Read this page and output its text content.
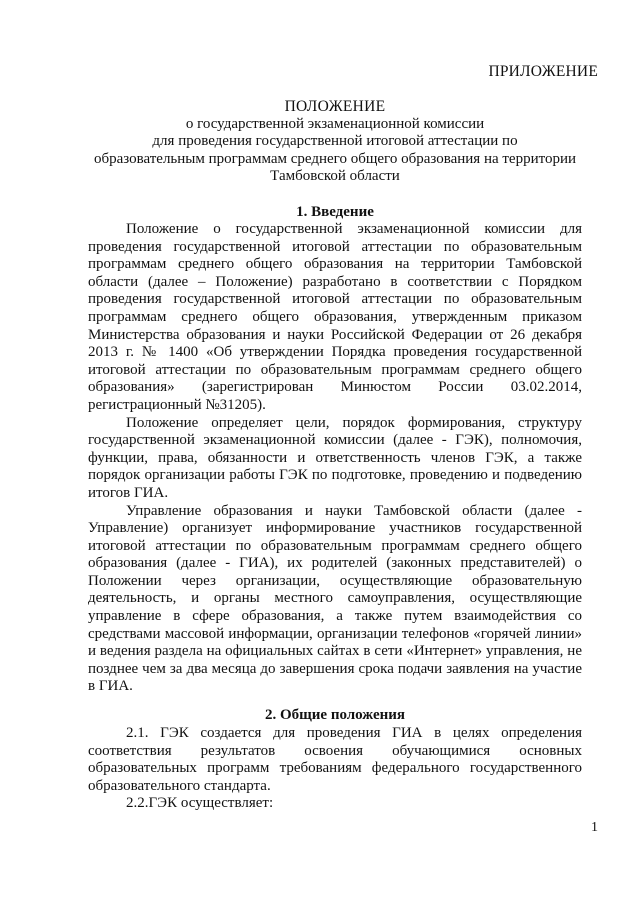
ПРИЛОЖЕНИЕ
ПОЛОЖЕНИЕ
о государственной экзаменационной комиссии
для проведения государственной итоговой аттестации по
образовательным программам среднего общего образования на территории
Тамбовской области
1. Введение

Положение о государственной экзаменационной комиссии для проведения государственной итоговой аттестации по образовательным программам среднего общего образования на территории Тамбовской области (далее – Положение) разработано в соответствии с Порядком проведения государственной итоговой аттестации по образовательным программам среднего общего образования, утвержденным приказом Министерства образования и науки Российской Федерации от 26 декабря 2013 г. № 1400 «Об утверждении Порядка проведения государственной итоговой аттестации по образовательным программам среднего общего образования» (зарегистрирован Минюстом России 03.02.2014, регистрационный №31205).

Положение определяет цели, порядок формирования, структуру государственной экзаменационной комиссии (далее - ГЭК), полномочия, функции, права, обязанности и ответственность членов ГЭК, а также порядок организации работы ГЭК по подготовке, проведению и подведению итогов ГИА.

Управление образования и науки Тамбовской области (далее - Управление) организует информирование участников государственной итоговой аттестации по образовательным программам среднего общего образования (далее - ГИА), их родителей (законных представителей) о Положении через организации, осуществляющие образовательную деятельность, и органы местного самоуправления, осуществляющие управление в сфере образования, а также путем взаимодействия со средствами массовой информации, организации телефонов «горячей линии» и ведения раздела на официальных сайтах в сети «Интернет» управления, не позднее чем за два месяца до завершения срока подачи заявления на участие в ГИА.

2. Общие положения

2.1. ГЭК создается для проведения ГИА в целях определения соответствия результатов освоения обучающимися основных образовательных программ требованиям федерального государственного образовательного стандарта.

2.2.ГЭК осуществляет:

1
